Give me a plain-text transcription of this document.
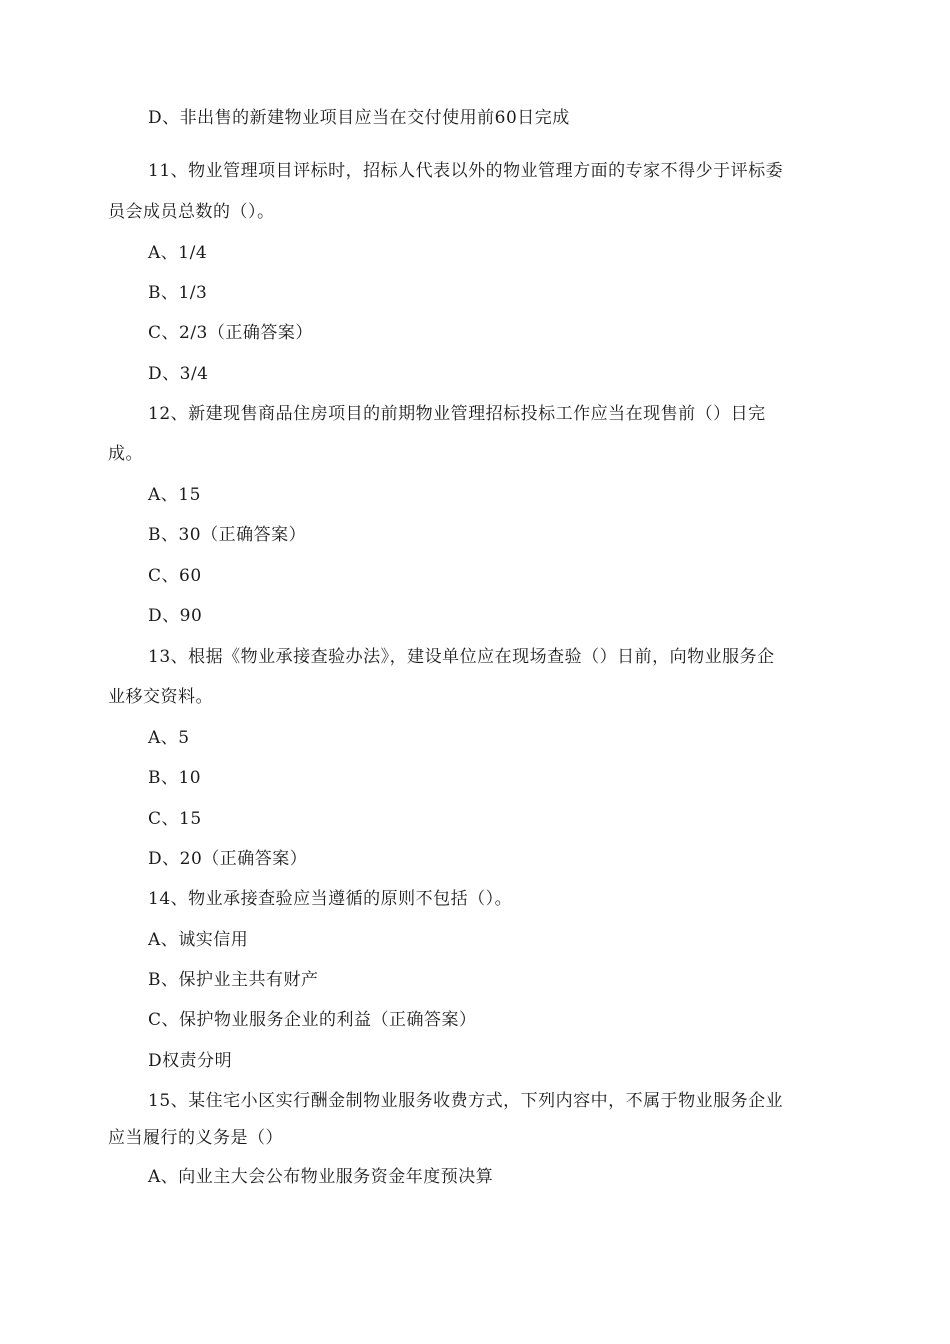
D、非出售的新建物业项目应当在交付使用前60日完成
11、物业管理项目评标时，招标人代表以外的物业管理方面的专家不得少于评标委
员会成员总数的（）。
A、1/4
B、1/3
C、2/3（正确答案）
D、3/4
12、新建现售商品住房项目的前期物业管理招标投标工作应当在现售前（）日完
成。
A、15
B、30（正确答案）
C、60
D、90
13、根据《物业承接查验办法》，建设单位应在现场查验（）日前，向物业服务企
业移交资料。
A、5
B、10
C、15
D、20（正确答案）
14、物业承接查验应当遵循的原则不包括（）。
A、诚实信用
B、保护业主共有财产
C、保护物业服务企业的利益（正确答案）
D权责分明
15、某住宅小区实行酬金制物业服务收费方式，下列内容中，不属于物业服务企业
应当履行的义务是（）
A、向业主大会公布物业服务资金年度预决算
